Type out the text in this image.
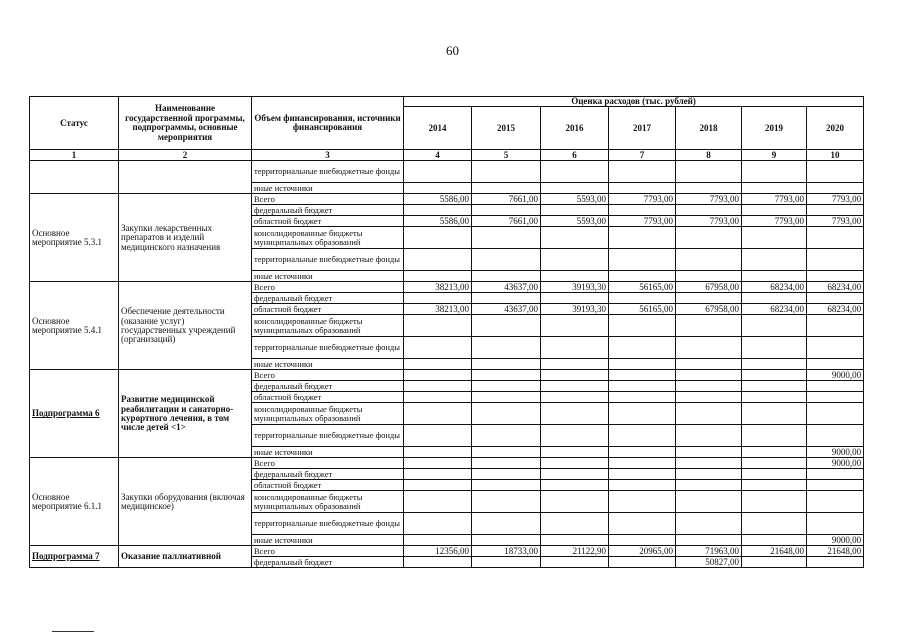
60
Статус	Наименование государственной программы, подпрограммы, основные мероприятия	Объем финансирования, источники финансирования	Оценка расходов (тыс. рублей)						
			2014	2015	2016	2017	2018	2019	2020
1	2	3	4	5	6	7	8	9	10
		территориальные внебюджетные фонды							
		иные источники							
Основное мероприятие 5.3.1	Закупки лекарственных препаратов и изделий медицинского назначения	Всего	5586,00	7661,00	5593,00	7793,00	7793,00	7793,00	7793,00
		федеральный бюджет							
		областной бюджет	5586,00	7661,00	5593,00	7793,00	7793,00	7793,00	7793,00
		консолидированные бюджеты муниципальных образований							
		территориальные внебюджетные фонды							
		иные источники							
Основное мероприятие 5.4.1	Обеспечение деятельности (оказание услуг) государственных учреждений (организаций)	Всего	38213,00	43637,00	39193,30	56165,00	67958,00	68234,00	68234,00
		федеральный бюджет							
		областной бюджет	38213,00	43637,00	39193,30	56165,00	67958,00	68234,00	68234,00
		консолидированные бюджеты муниципальных образований							
		территориальные внебюджетные фонды							
		иные источники							
Подпрограмма 6	Развитие медицинской реабилитации и санаторно-курортного лечения, в том числе детей <1>	Всего							9000,00
		федеральный бюджет							
		областной бюджет							
		консолидированные бюджеты муниципальных образований							
		территориальные внебюджетные фонды							
		иные источники							9000,00
Основное мероприятие 6.1.1	Закупки оборудования (включая медицинское)	Всего							9000,00
		федеральный бюджет							
		областной бюджет							
		консолидированные бюджеты муниципальных образований							
		территориальные внебюджетные фонды							
		иные источники							9000,00
Подпрограмма 7	Оказание паллиативной	Всего	12356,00	18733,00	21122,90	20965,00	71963,00	21648,00	21648,00
		федеральный бюджет					50827,00		
